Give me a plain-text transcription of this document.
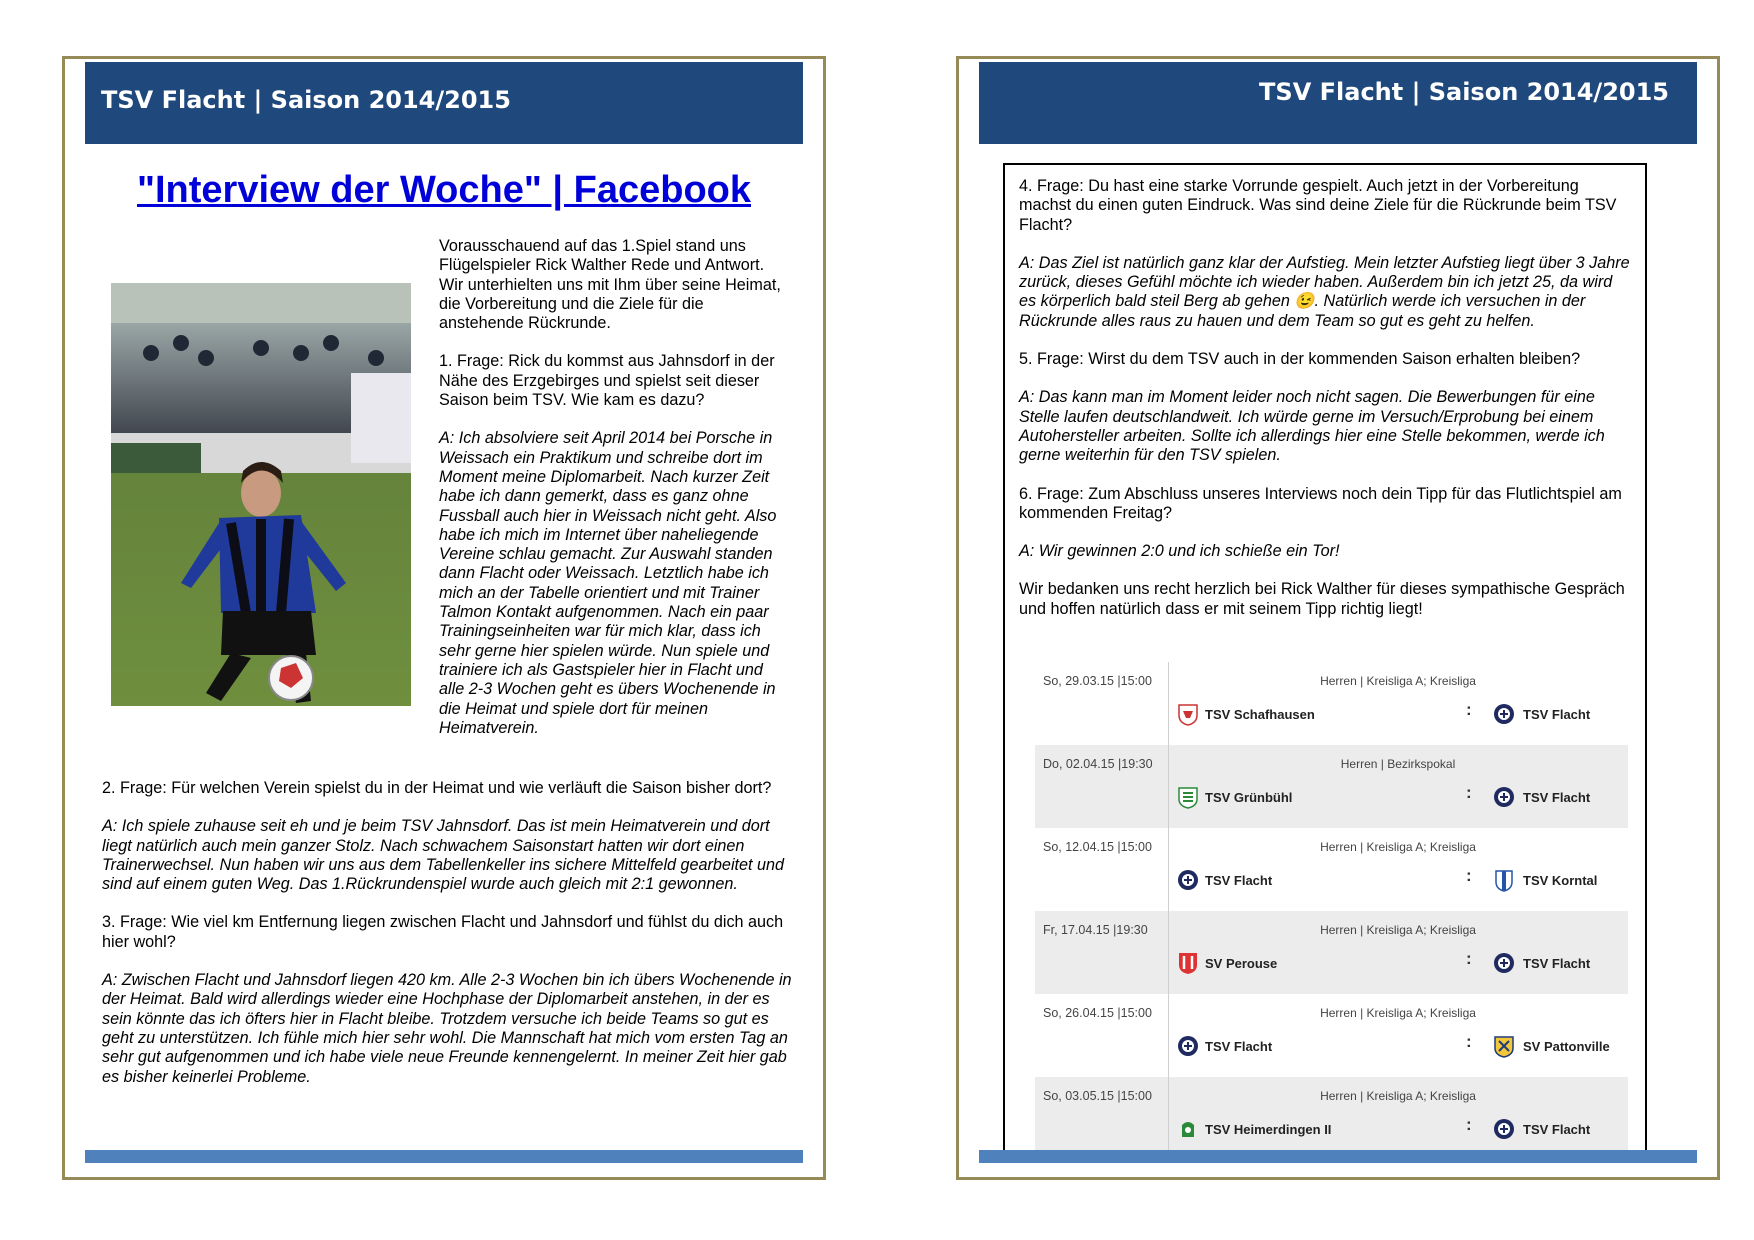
TSV Flacht | Saison 2014/2015
"Interview der Woche" | Facebook

Vorausschauend auf das 1.Spiel stand uns Flügelspieler Rick Walther Rede und Antwort. Wir unterhielten uns mit Ihm über seine Heimat, die Vorbereitung und die Ziele für die anstehende Rückrunde.

1. Frage: Rick du kommst aus Jahnsdorf in der Nähe des Erzgebirges und spielst seit dieser Saison beim TSV. Wie kam es dazu?

A: Ich absolviere seit April 2014 bei Porsche in Weissach ein Praktikum und schreibe dort im Moment meine Diplomarbeit. Nach kurzer Zeit habe ich dann gemerkt, dass es ganz ohne Fussball auch hier in Weissach nicht geht. Also habe ich mich im Internet über naheliegende Vereine schlau gemacht. Zur Auswahl standen dann Flacht oder Weissach. Letztlich habe ich mich an der Tabelle orientiert und mit Trainer Talmon Kontakt aufgenommen. Nach ein paar Trainingseinheiten war für mich klar, dass ich sehr gerne hier spielen würde. Nun spiele und trainiere ich als Gastspieler hier in Flacht und alle 2-3 Wochen geht es übers Wochenende in die Heimat und spiele dort für meinen Heimatverein.

2. Frage: Für welchen Verein spielst du in der Heimat und wie verläuft die Saison bisher dort?

A: Ich spiele zuhause seit eh und je beim TSV Jahnsdorf. Das ist mein Heimatverein und dort liegt natürlich auch mein ganzer Stolz. Nach schwachem Saisonstart hatten wir dort einen Trainerwechsel. Nun haben wir uns aus dem Tabellenkeller ins sichere Mittelfeld gearbeitet und sind auf einem guten Weg. Das 1.Rückrundenspiel wurde auch gleich mit 2:1 gewonnen.

3. Frage: Wie viel km Entfernung liegen zwischen Flacht und Jahnsdorf und fühlst du dich auch hier wohl?

A: Zwischen Flacht und Jahnsdorf liegen 420 km. Alle 2-3 Wochen bin ich übers Wochenende in der Heimat. Bald wird allerdings wieder eine Hochphase der Diplomarbeit anstehen, in der es sein könnte das ich öfters hier in Flacht bleibe. Trotzdem versuche ich beide Teams so gut es geht zu unterstützen. Ich fühle mich hier sehr wohl. Die Mannschaft hat mich vom ersten Tag an sehr gut aufgenommen und ich habe viele neue Freunde kennengelernt. In meiner Zeit hier gab es bisher keinerlei Probleme.

TSV Flacht | Saison 2014/2015

4. Frage: Du hast eine starke Vorrunde gespielt. Auch jetzt in der Vorbereitung machst du einen guten Eindruck. Was sind deine Ziele für die Rückrunde beim TSV Flacht?

A: Das Ziel ist natürlich ganz klar der Aufstieg. Mein letzter Aufstieg liegt über 3 Jahre zurück, dieses Gefühl möchte ich wieder haben. Außerdem bin ich jetzt 25, da wird es körperlich bald steil Berg ab gehen 😉. Natürlich werde ich versuchen in der Rückrunde alles raus zu hauen und dem Team so gut es geht zu helfen.

5. Frage: Wirst du dem TSV auch in der kommenden Saison erhalten bleiben?

A: Das kann man im Moment leider noch nicht sagen. Die Bewerbungen für eine Stelle laufen deutschlandweit. Ich würde gerne im Versuch/Erprobung bei einem Autohersteller arbeiten. Sollte ich allerdings hier eine Stelle bekommen, werde ich gerne weiterhin für den TSV spielen.

6. Frage: Zum Abschluss unseres Interviews noch dein Tipp für das Flutlichtspiel am kommenden Freitag?

A: Wir gewinnen 2:0 und ich schieße ein Tor!

Wir bedanken uns recht herzlich bei Rick Walther für dieses sympathische Gespräch und hoffen natürlich dass er mit seinem Tipp richtig liegt!

So, 29.03.15 |15:00	Herren | Kreisliga A; Kreisliga
TSV Schafhausen	:	TSV Flacht
Do, 02.04.15 |19:30	Herren | Bezirkspokal
TSV Grünbühl	:	TSV Flacht
So, 12.04.15 |15:00	Herren | Kreisliga A; Kreisliga
TSV Flacht	:	TSV Korntal
Fr, 17.04.15 |19:30	Herren | Kreisliga A; Kreisliga
SV Perouse	:	TSV Flacht
So, 26.04.15 |15:00	Herren | Kreisliga A; Kreisliga
TSV Flacht	:	SV Pattonville
So, 03.05.15 |15:00	Herren | Kreisliga A; Kreisliga
TSV Heimerdingen II	:	TSV Flacht
